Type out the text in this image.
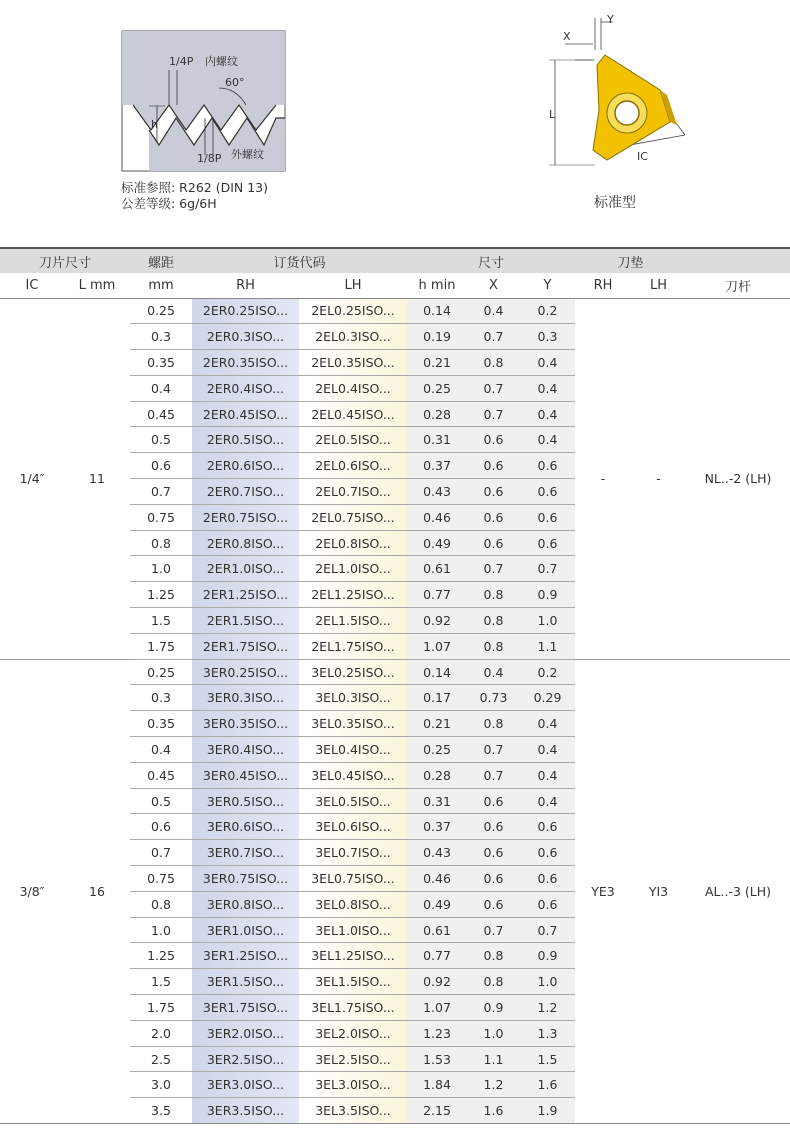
1/4P 内螺纹
60°
h
1/8P 外螺纹
标准参照: R262 (DIN 13)
公差等级: 6g/6H
Y
X
L
IC
标准型
刀片尺寸		螺距	订货代码		尺寸			刀垫		
IC	L mm	mm	RH	LH	h min	X	Y	RH	LH	刀杆
1/4″	11	0.25	2ER0.25ISO...	2EL0.25ISO...	0.14	0.4	0.2	-	-	NL..-2 (LH)
		0.3	2ER0.3ISO...	2EL0.3ISO...	0.19	0.7	0.3			
		0.35	2ER0.35ISO...	2EL0.35ISO...	0.21	0.8	0.4			
		0.4	2ER0.4ISO...	2EL0.4ISO...	0.25	0.7	0.4			
		0.45	2ER0.45ISO...	2EL0.45ISO...	0.28	0.7	0.4			
		0.5	2ER0.5ISO...	2EL0.5ISO...	0.31	0.6	0.4			
		0.6	2ER0.6ISO...	2EL0.6ISO...	0.37	0.6	0.6			
		0.7	2ER0.7ISO...	2EL0.7ISO...	0.43	0.6	0.6			
		0.75	2ER0.75ISO...	2EL0.75ISO...	0.46	0.6	0.6			
		0.8	2ER0.8ISO...	2EL0.8ISO...	0.49	0.6	0.6			
		1.0	2ER1.0ISO...	2EL1.0ISO...	0.61	0.7	0.7			
		1.25	2ER1.25ISO...	2EL1.25ISO...	0.77	0.8	0.9			
		1.5	2ER1.5ISO...	2EL1.5ISO...	0.92	0.8	1.0			
		1.75	2ER1.75ISO...	2EL1.75ISO...	1.07	0.8	1.1			
3/8″	16	0.25	3ER0.25ISO...	3EL0.25ISO...	0.14	0.4	0.2	YE3	YI3	AL..-3 (LH)
		0.3	3ER0.3ISO...	3EL0.3ISO...	0.17	0.73	0.29			
		0.35	3ER0.35ISO...	3EL0.35ISO...	0.21	0.8	0.4			
		0.4	3ER0.4ISO...	3EL0.4ISO...	0.25	0.7	0.4			
		0.45	3ER0.45ISO...	3EL0.45ISO...	0.28	0.7	0.4			
		0.5	3ER0.5ISO...	3EL0.5ISO...	0.31	0.6	0.4			
		0.6	3ER0.6ISO...	3EL0.6ISO...	0.37	0.6	0.6			
		0.7	3ER0.7ISO...	3EL0.7ISO...	0.43	0.6	0.6			
		0.75	3ER0.75ISO...	3EL0.75ISO...	0.46	0.6	0.6			
		0.8	3ER0.8ISO...	3EL0.8ISO...	0.49	0.6	0.6			
		1.0	3ER1.0ISO...	3EL1.0ISO...	0.61	0.7	0.7			
		1.25	3ER1.25ISO...	3EL1.25ISO...	0.77	0.8	0.9			
		1.5	3ER1.5ISO...	3EL1.5ISO...	0.92	0.8	1.0			
		1.75	3ER1.75ISO...	3EL1.75ISO...	1.07	0.9	1.2			
		2.0	3ER2.0ISO...	3EL2.0ISO...	1.23	1.0	1.3			
		2.5	3ER2.5ISO...	3EL2.5ISO...	1.53	1.1	1.5			
		3.0	3ER3.0ISO...	3EL3.0ISO...	1.84	1.2	1.6			
		3.5	3ER3.5ISO...	3EL3.5ISO...	2.15	1.6	1.9			
